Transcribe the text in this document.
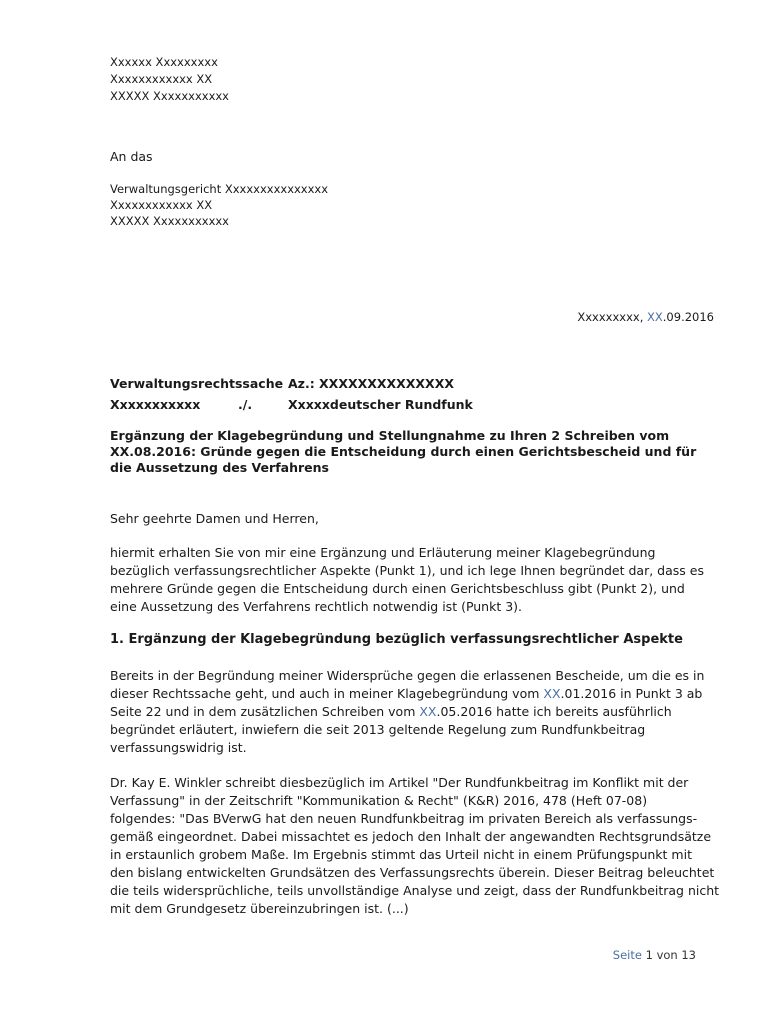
Xxxxxx Xxxxxxxxx
Xxxxxxxxxxxx XX
XXXXX Xxxxxxxxxxx
An das
Verwaltungsgericht Xxxxxxxxxxxxxxx
Xxxxxxxxxxxx XX
XXXXX Xxxxxxxxxxx
Xxxxxxxxx, XX.09.2016
Verwaltungsrechtssache Az.: XXXXXXXXXXXXXX
Xxxxxxxxxxx	./.	Xxxxxdeutscher Rundfunk
Ergänzung der Klagebegründung und Stellungnahme zu Ihren 2 Schreiben vom
XX.08.2016: Gründe gegen die Entscheidung durch einen Gerichtsbescheid und für
die Aussetzung des Verfahrens
Sehr geehrte Damen und Herren,
hiermit erhalten Sie von mir eine Ergänzung und Erläuterung meiner Klagebegründung
bezüglich verfassungsrechtlicher Aspekte (Punkt 1), und ich lege Ihnen begründet dar, dass es
mehrere Gründe gegen die Entscheidung durch einen Gerichtsbeschluss gibt (Punkt 2), und
eine Aussetzung des Verfahrens rechtlich notwendig ist (Punkt 3).
1. Ergänzung der Klagebegründung bezüglich verfassungsrechtlicher Aspekte
Bereits in der Begründung meiner Widersprüche gegen die erlassenen Bescheide, um die es in
dieser Rechtssache geht, und auch in meiner Klagebegründung vom XX.01.2016 in Punkt 3 ab
Seite 22 und in dem zusätzlichen Schreiben vom XX.05.2016 hatte ich bereits ausführlich
begründet erläutert, inwiefern die seit 2013 geltende Regelung zum Rundfunkbeitrag
verfassungswidrig ist.
Dr. Kay E. Winkler schreibt diesbezüglich im Artikel "Der Rundfunkbeitrag im Konflikt mit der
Verfassung" in der Zeitschrift "Kommunikation & Recht" (K&R) 2016, 478 (Heft 07-08)
folgendes: "Das BVerwG hat den neuen Rundfunkbeitrag im privaten Bereich als verfassungs-
gemäß eingeordnet. Dabei missachtet es jedoch den Inhalt der angewandten Rechtsgrundsätze
in erstaunlich grobem Maße. Im Ergebnis stimmt das Urteil nicht in einem Prüfungspunkt mit
den bislang entwickelten Grundsätzen des Verfassungsrechts überein. Dieser Beitrag beleuchtet
die teils widersprüchliche, teils unvollständige Analyse und zeigt, dass der Rundfunkbeitrag nicht
mit dem Grundgesetz übereinzubringen ist. (...)
Seite 1 von 13
